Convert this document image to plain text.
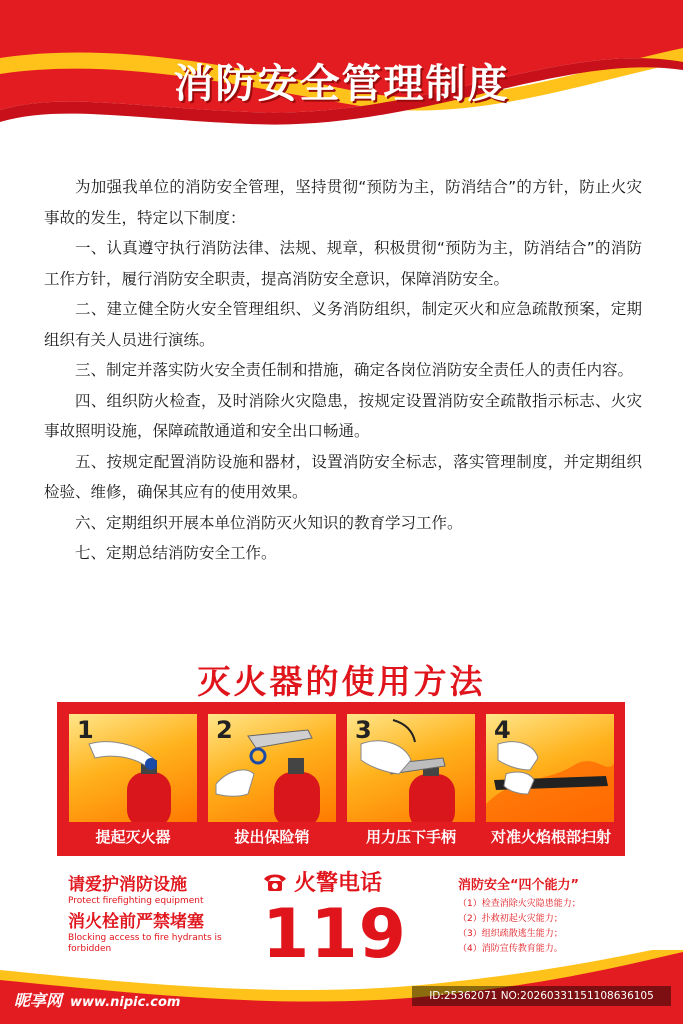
消防安全管理制度

为加强我单位的消防安全管理，坚持贯彻“预防为主，防消结合”的方针，防止火灾事故的发生，特定以下制度：

一、认真遵守执行消防法律、法规、规章，积极贯彻“预防为主，防消结合”的消防工作方针，履行消防安全职责，提高消防安全意识，保障消防安全。

二、建立健全防火安全管理组织、义务消防组织，制定灭火和应急疏散预案，定期组织有关人员进行演练。

三、制定并落实防火安全责任制和措施，确定各岗位消防安全责任人的责任内容。

四、组织防火检查，及时消除火灾隐患，按规定设置消防安全疏散指示标志、火灾事故照明设施，保障疏散通道和安全出口畅通。

五、按规定配置消防设施和器材，设置消防安全标志，落实管理制度，并定期组织检验、维修，确保其应有的使用效果。

六、定期组织开展本单位消防灭火知识的教育学习工作。

七、定期总结消防安全工作。

灭火器的使用方法
1	2	3	4
提起灭火器	拔出保险销	用力压下手柄	对准火焰根部扫射
请爱护消防设施
Protect firefighting equipment
消火栓前严禁堵塞
Blocking access to fire hydrants is forbidden
火警电话
119
消防安全“四个能力”
（1）检查消除火灾隐患能力；
（2）扑救初起火灾能力；
（3）组织疏散逃生能力；
（4）消防宣传教育能力。
昵享网 www.nipic.com	ID:25362071 NO:20260331151108636105
